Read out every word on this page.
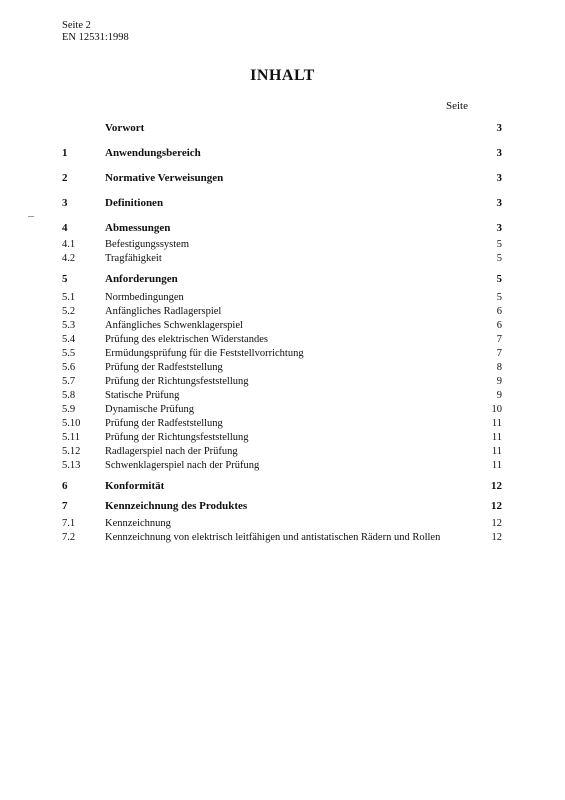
Seite 2
EN 12531:1998
INHALT
Seite
Vorwort	3
1	Anwendungsbereich	3
2	Normative Verweisungen	3
3	Definitionen	3
4	Abmessungen	3
4.1	Befestigungssystem	5
4.2	Tragfähigkeit	5
5	Anforderungen	5
5.1	Normbedingungen	5
5.2	Anfängliches Radlagerspiel	6
5.3	Anfängliches Schwenklagerspiel	6
5.4	Prüfung des elektrischen Widerstandes	7
5.5	Ermüdungsprüfung für die Feststellvorrichtung	7
5.6	Prüfung der Radfeststellung	8
5.7	Prüfung der Richtungsfeststellung	9
5.8	Statische Prüfung	9
5.9	Dynamische Prüfung	10
5.10 Prüfung der Radfeststellung	11
5.11 Prüfung der Richtungsfeststellung	11
5.12 Radlagerspiel nach der Prüfung	11
5.13 Schwenklagerspiel nach der Prüfung	11
6	Konformität	12
7	Kennzeichnung des Produktes	12
7.1	Kennzeichnung	12
7.2	Kennzeichnung von elektrisch leitfähigen und antistatischen Rädern und Rollen	12
